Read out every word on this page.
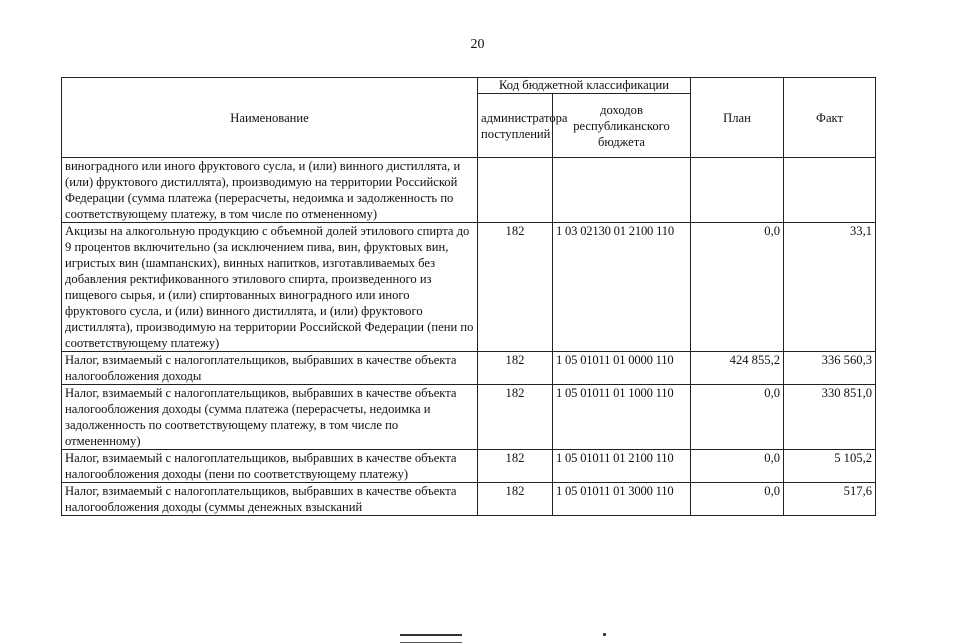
20
Наименование	Код бюджетной классификации		План	Факт
	администратора поступлений	доходов республиканского бюджета		
виноградного или иного фруктового сусла, и (или) винного дистиллята, и (или) фруктового дистиллята), производимую на территории Российской Федерации (сумма платежа (перерасчеты, недоимка и задолженность по соответствующему платежу, в том числе по отмененному)				
Акцизы на алкогольную продукцию с объемной долей этилового спирта до 9 процентов включительно (за исключением пива, вин, фруктовых вин, игристых вин (шампанских), винных напитков, изготавливаемых без добавления ректификованного этилового спирта, произведенного из пищевого сырья, и (или) спиртованных виноградного или иного фруктового сусла, и (или) винного дистиллята, и (или) фруктового дистиллята), производимую на территории Российской Федерации (пени по соответствующему платежу)	182	1 03 02130 01 2100 110	0,0	33,1
Налог, взимаемый с налогоплательщиков, выбравших в качестве объекта налогообложения доходы	182	1 05 01011 01 0000 110	424 855,2	336 560,3
Налог, взимаемый с налогоплательщиков, выбравших в качестве объекта налогообложения доходы (сумма платежа (перерасчеты, недоимка и задолженность по соответствующему платежу, в том числе по отмененному)	182	1 05 01011 01 1000 110	0,0	330 851,0
Налог, взимаемый с налогоплательщиков, выбравших в качестве объекта налогообложения доходы (пени по соответствующему платежу)	182	1 05 01011 01 2100 110	0,0	5 105,2
Налог, взимаемый с налогоплательщиков, выбравших в качестве объекта налогообложения доходы (суммы денежных взысканий	182	1 05 01011 01 3000 110	0,0	517,6
